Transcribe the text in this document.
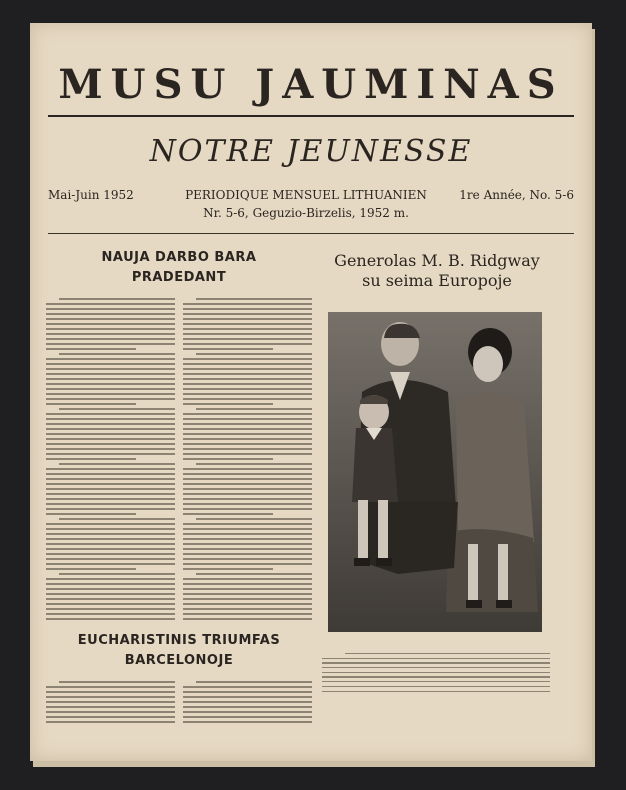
MUSU JAUMINAS
NOTRE JEUNESSE
Mai-Juin 1952	PERIODIQUE MENSUEL LITHUANIEN	1re Année, No. 5-6
Nr. 5-6, Geguzio-Birzelis, 1952 m.
NAUJA DARBO BARA
PRADEDANT
EUCHARISTINIS TRIUMFAS
BARCELONOJE
Generolas M. B. Ridgway
su seima Europoje
